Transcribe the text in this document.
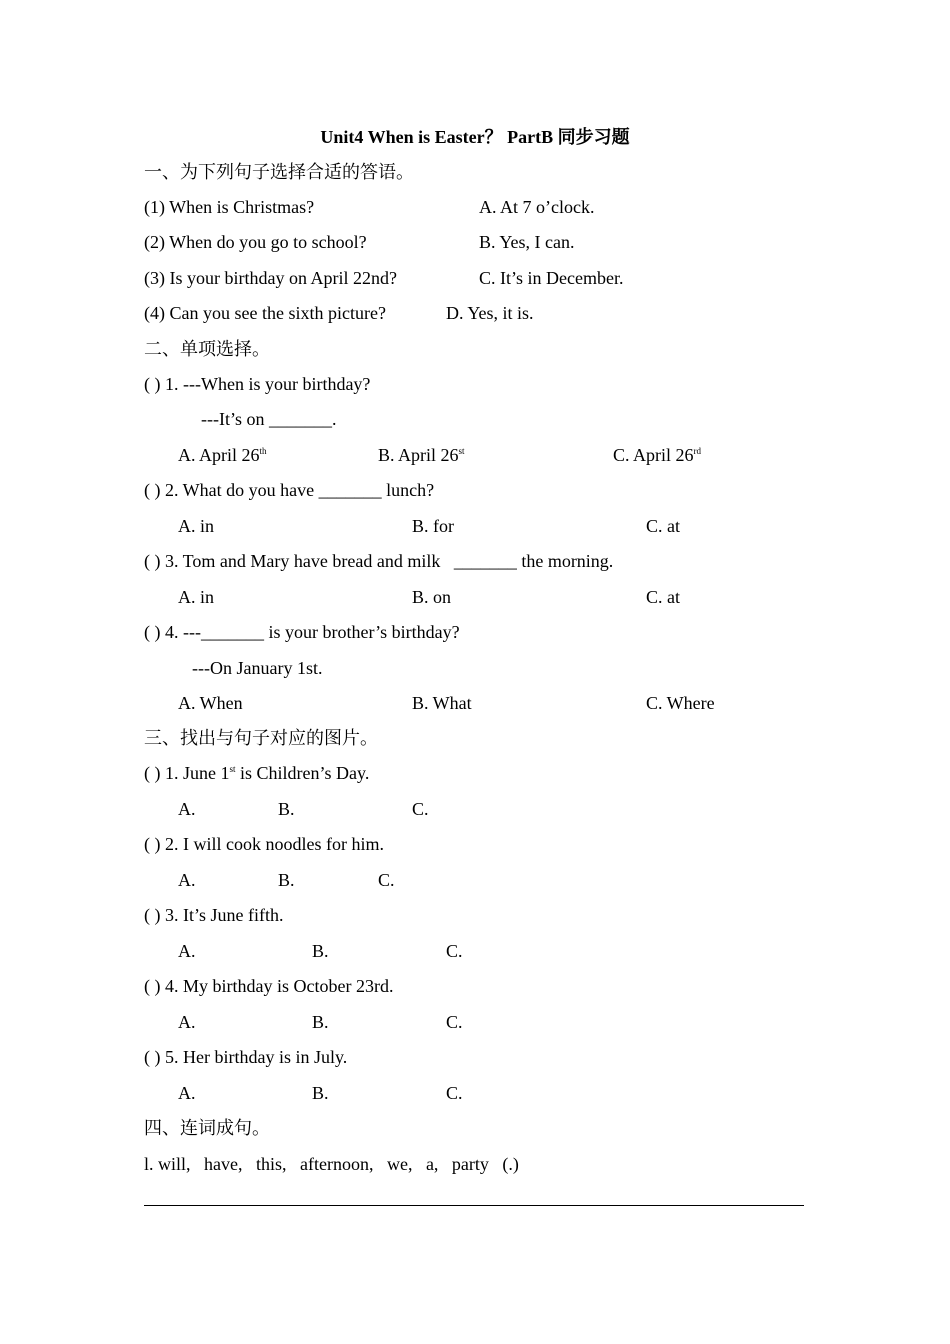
Unit4 When is Easter？ PartB 同步习题
一、为下列句子选择合适的答语。
(1) When is Christmas?	A. At 7 o’clock.
(2) When do you go to school?	B. Yes, I can.
(3) Is your birthday on April 22nd?	C. It’s in December.
(4) Can you see the sixth picture?	D. Yes, it is.
二、单项选择。
( ) 1. ---When is your birthday?
---It’s on _______.
A. April 26th	B. April 26st	C. April 26rd
( ) 2. What do you have _______ lunch?
A. in	B. for	C. at
( ) 3. Tom and Mary have bread and milk   _______ the morning.
A. in	B. on	C. at
( ) 4. ---_______ is your brother’s birthday?
---On January 1st.
A. When	B. What	C. Where
三、找出与句子对应的图片。
( ) 1. June 1st is Children’s Day.
A.	B.	C.
( ) 2. I will cook noodles for him.
A.	B.	C.
( ) 3. It’s June fifth.
A.	B.	C.
( ) 4. My birthday is October 23rd.
A.	B.	C.
( ) 5. Her birthday is in July.
A.	B.	C.
四、连词成句。
l. will,   have,   this,   afternoon,   we,   a,   party   (.)
